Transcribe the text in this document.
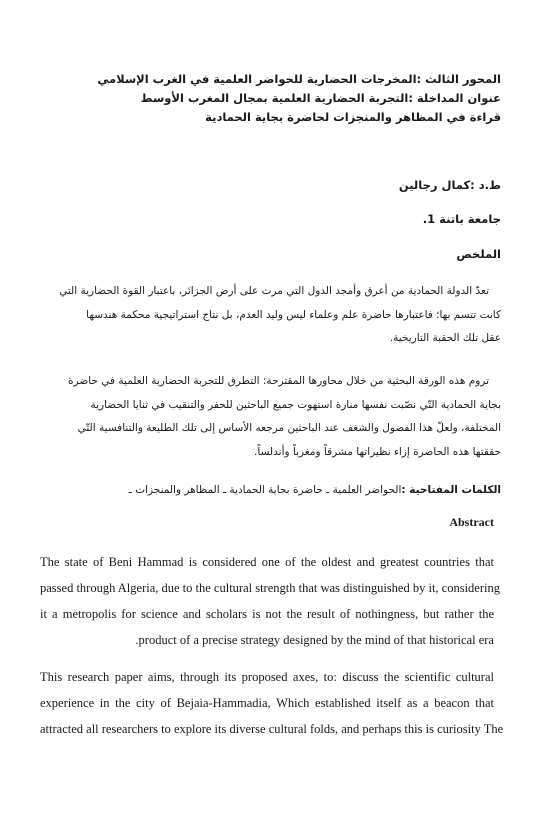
المحور الثالث :المخرجات الحضارية للحواضر العلمية في الغرب الإسلامي
عنوان المداخلة :التجربة الحضارية العلمية بمجال المغرب الأوسط
قراءة في المظاهر والمنجزات لحاضرة بجاية الحمادية
ط.د :كمال رجالين
جامعة باتنة 1.
الملخص
تعدّ الدولة الحمادية من أعرق وأمجد الدول التي مرت على أرض الجزائر، باعتبار القوة الحضارية التي
كانت تتسم بها؛ فاعتبارها حاضرة علم وعلماء ليس وليد العدم، بل نتاج استراتيجية محكمة هندسها
عقل تلك الحقبة التاريخية.
تروم هذه الورقة البحثية من خلال محاورها المقترحة: التطرق للتجربة الحضارية العلمية في حاضرة
بجاية الحمادية التّي نصّبت نفسها منارة استهوت جميع الباحثين للحفر والتنقيب في ثنايا الحضارية
المختلفة، ولعلّ هذا الفضول والشغف عند الباحثين مرجعه الأساس إلى تلك الطليعة والتنافسية التّي
حققتها هذه الحاضرة إزاء نظيراتها مشرقاً ومغرباً وأندلساً.
الكلمات المفتاحية :الحواضر العلمية ـ حاضرة بجاية الحمادية ـ المظاهر والمنجزات ـ
Abstract
The state of Beni Hammad is considered one of the oldest and greatest countries that
passed through Algeria, due to the cultural strength that was distinguished by it, considering
it a metropolis for science and scholars is not the result of nothingness, but rather the
.product of a precise strategy designed by the mind of that historical era
This research paper aims, through its proposed axes, to: discuss the scientific cultural
experience in the city of Bejaia-Hammadia, Which established itself as a beacon that
attracted all researchers to explore its diverse cultural folds, and perhaps this is curiosity The
